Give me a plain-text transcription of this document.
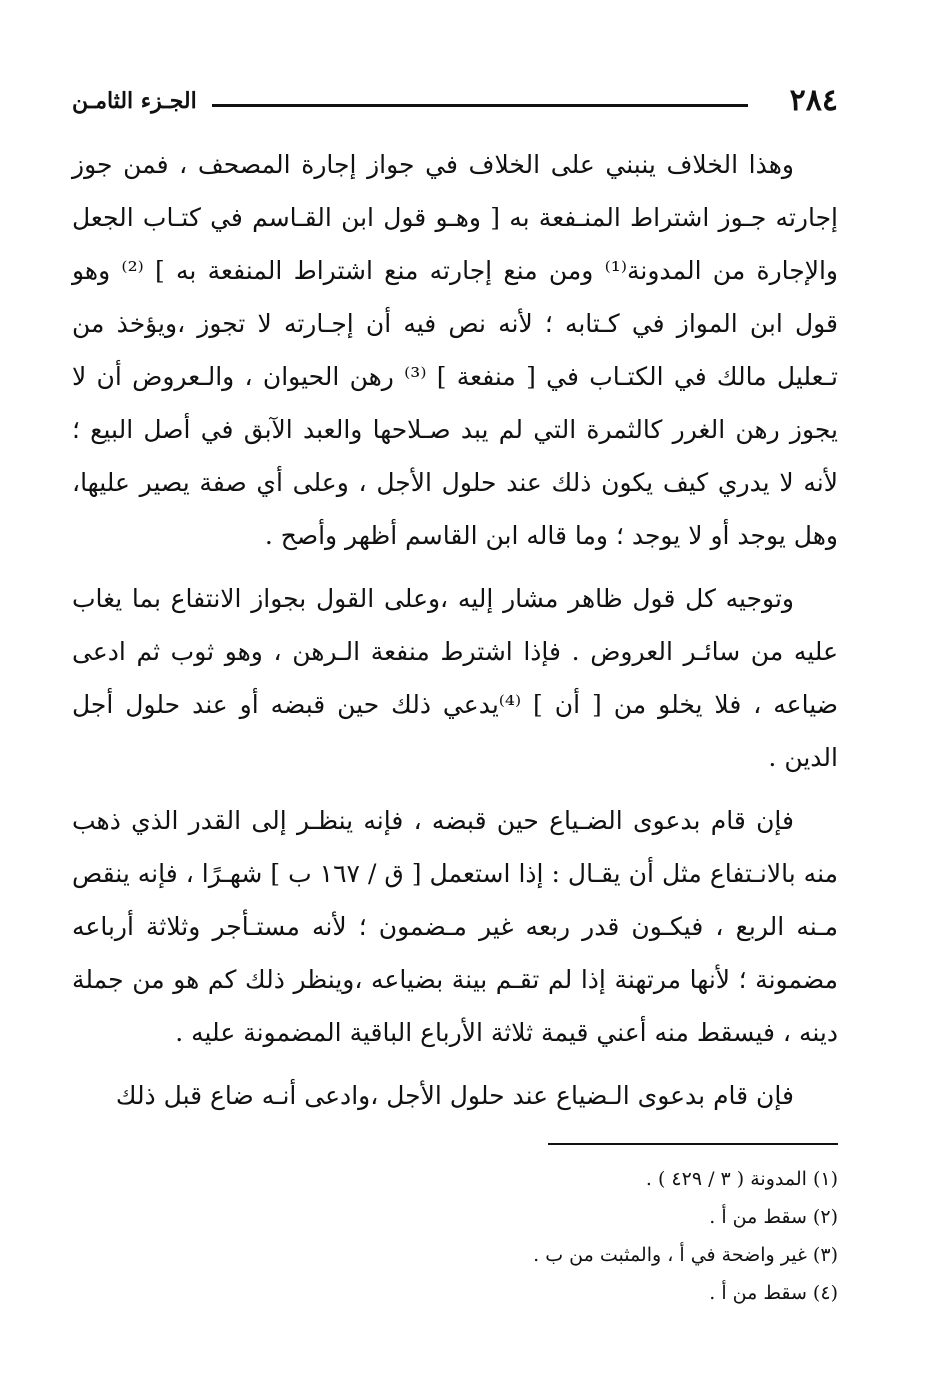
٢٨٤
الجـزء الثامـن

وهذا الخلاف ينبني على الخلاف في جواز إجارة المصحف ، فمن جوز إجارته جـوز اشتراط المنـفعة به [ وهـو قول ابن القـاسم في كتـاب الجعل والإجارة من المدونة⁽¹⁾ ومن منع إجارته منع اشتراط المنفعة به ] ⁽²⁾ وهو قول ابن المواز في كـتابه ؛ لأنه نص فيه أن إجـارته لا تجوز ،ويؤخذ من تـعليل مالك في الكتـاب في [ منفعة ] ⁽³⁾ رهن الحيوان ، والـعروض أن لا يجوز رهن الغرر كالثمرة التي لم يبد صـلاحها والعبد الآبق في أصل البيع ؛ لأنه لا يدري كيف يكون ذلك عند حلول الأجل ، وعلى أي صفة يصير عليها، وهل يوجد أو لا يوجد ؛ وما قاله ابن القاسم أظهر وأصح .

وتوجيه كل قول ظاهر مشار إليه ،وعلى القول بجواز الانتفاع بما يغاب عليه من سائـر العروض . فإذا اشترط منفعة الـرهن ، وهو ثوب ثم ادعى ضياعه ، فلا يخلو من [ أن ] ⁽⁴⁾يدعي ذلك حين قبضه أو عند حلول أجل الدين .

فإن قام بدعوى الضـياع حين قبضه ، فإنه ينظـر إلى القدر الذي ذهب منه بالانـتفاع مثل أن يقـال : إذا استعمل [ ق / ١٦٧ ب ] شهـرًا ، فإنه ينقص مـنه الربع ، فيكـون قدر ربعه غير مـضمون ؛ لأنه مستـأجر وثلاثة أرباعه مضمونة ؛ لأنها مرتهنة إذا لم تقـم بينة بضياعه ،وينظر ذلك كم هو من جملة دينه ، فيسقط منه أعني قيمة ثلاثة الأرباع الباقية المضمونة عليه .

فإن قام بدعوى الـضياع عند حلول الأجل ،وادعى أنـه ضاع قبل ذلك

(١) المدونة ( ٣ / ٤٢٩ ) .
(٢) سقط من أ .
(٣) غير واضحة في أ ، والمثبت من ب .
(٤) سقط من أ .
